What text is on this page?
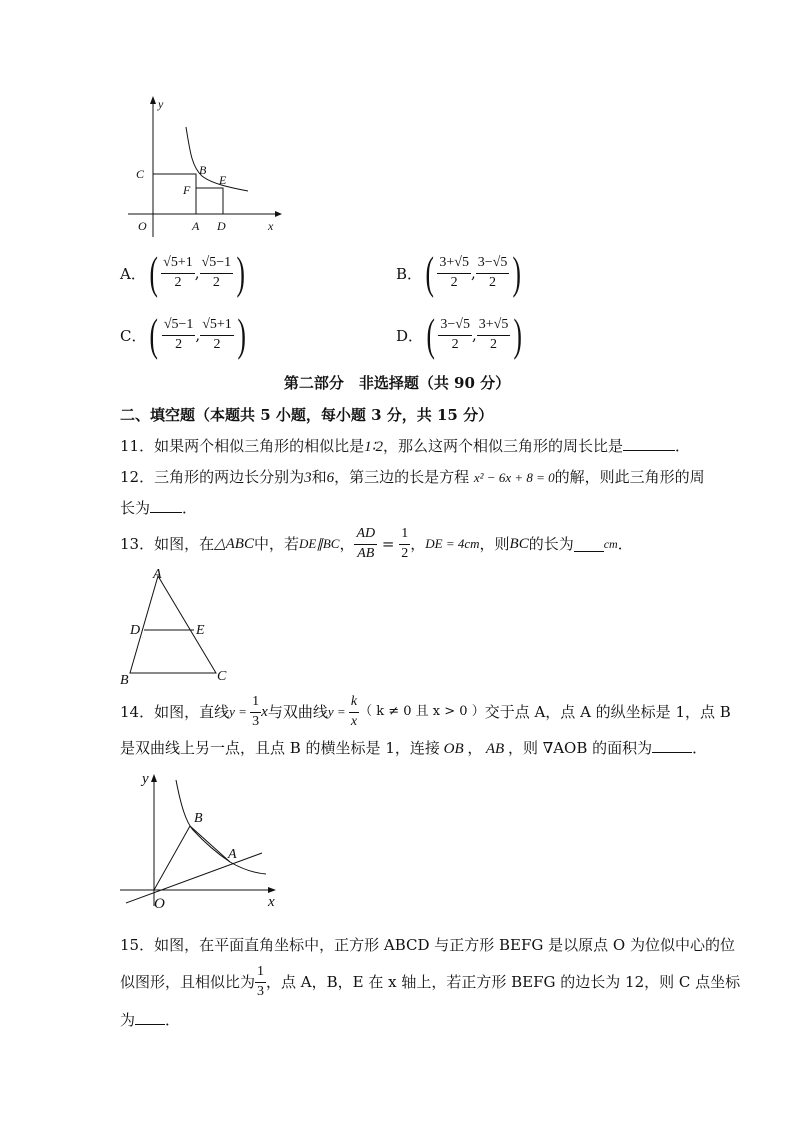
y
x
O
C	B
E
F
A D
A． ( $\frac{√5+1}{2}$ , $\frac{√5-1}{2}$ )	B． ( $\frac{3+√5}{2}$ , $\frac{3-√5}{2}$ )
C． ( $\frac{√5-1}{2}$ , $\frac{√5+1}{2}$ )	D． ( $\frac{3-√5}{2}$ , $\frac{3+√5}{2}$ )
第二部分　非选择题（共 90 分）
二、填空题（本题共 5 小题，每小题 3 分，共 15 分）
11．如果两个相似三角形的相似比是1∶2，那么这两个相似三角形的周长比是	．
12．三角形的两边长分别为3和6，第三边的长是方程 x² − 6x + 8 = 0的解，则此三角形的周
长为 ．
13．如图，在 △ABC 中，若 DE∥BC ， $\frac{AD}{AB} = \frac{1}{2}$ ， DE = 4cm ，则 BC 的长为	cm ．
A
D	E
B	C
14．如图，直线 $y = \frac{1}{3}$ x 与双曲线 $y = \frac{k}{x}$ （ k ≠ 0 且 x > 0 ） 交于点 A，点 A 的纵坐标是 1，点 B
是双曲线上另一点，且点 B 的横坐标是 1，连接 OB ， AB ，则 ∇AOB 的面积为	．
y
x
O
B
A
15．如图，在平面直角坐标中，正方形 ABCD 与正方形 BEFG 是以原点 O 为位似中心的位
似图形，且相似比为 $\frac{1}{3}$ ，点 A，B，E 在 x 轴上，若正方形 BEFG 的边长为 12，则 C 点坐标
为 ．
